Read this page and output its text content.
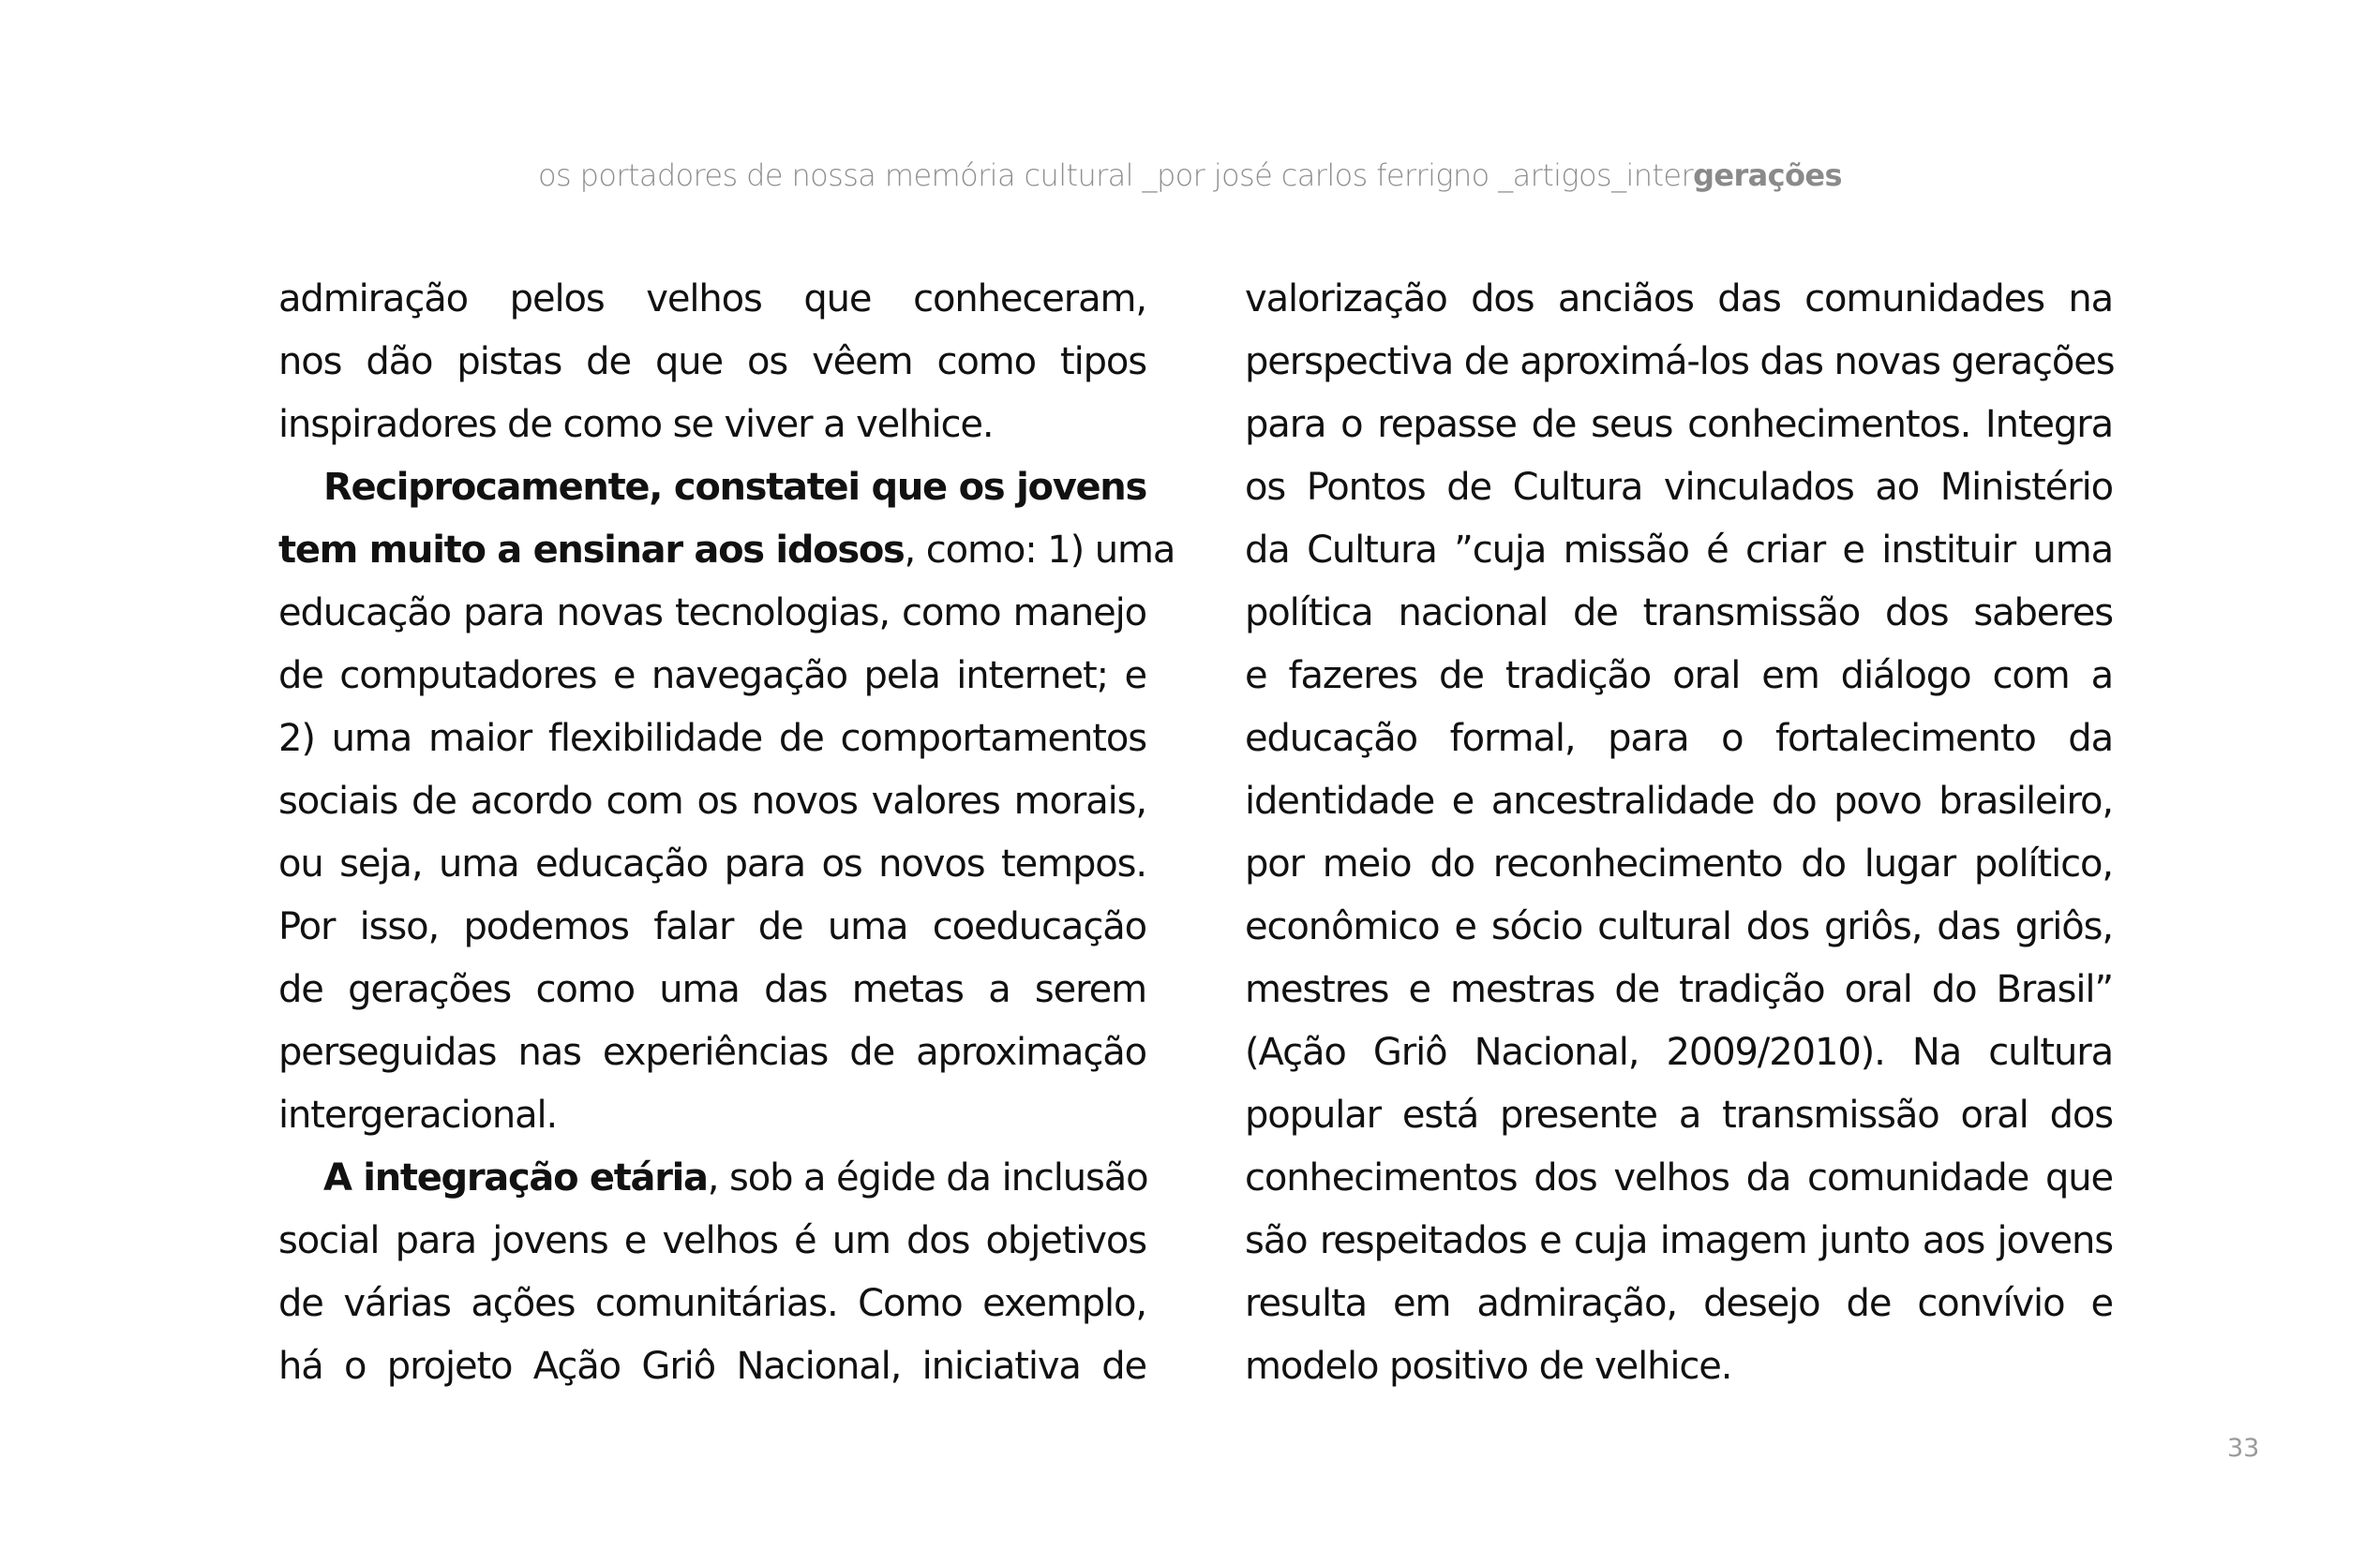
os portadores de nossa memória cultural _por josé carlos ferrigno _artigos_intergerações
admiração pelos velhos que conheceram,
nos dão pistas de que os vêem como tipos
inspiradores de como se viver a velhice.
Reciprocamente, constatei que os jovens
tem muito a ensinar aos idosos, como: 1) uma
educação para novas tecnologias, como manejo
de computadores e navegação pela internet; e
2) uma maior flexibilidade de comportamentos
sociais de acordo com os novos valores morais,
ou seja, uma educação para os novos tempos.
Por isso, podemos falar de uma coeducação
de gerações como uma das metas a serem
perseguidas nas experiências de aproximação
intergeracional.
A integração etária, sob a égide da inclusão
social para jovens e velhos é um dos objetivos
de várias ações comunitárias. Como exemplo,
há o projeto Ação Griô Nacional, iniciativa de
valorização dos anciãos das comunidades na
perspectiva de aproximá-los das novas gerações
para o repasse de seus conhecimentos. Integra
os Pontos de Cultura vinculados ao Ministério
da Cultura ”cuja missão é criar e instituir uma
política nacional de transmissão dos saberes
e fazeres de tradição oral em diálogo com a
educação formal, para o fortalecimento da
identidade e ancestralidade do povo brasileiro,
por meio do reconhecimento do lugar político,
econômico e sócio cultural dos griôs, das griôs,
mestres e mestras de tradição oral do Brasil”
(Ação Griô Nacional, 2009/2010). Na cultura
popular está presente a transmissão oral dos
conhecimentos dos velhos da comunidade que
são respeitados e cuja imagem junto aos jovens
resulta em admiração, desejo de convívio e
modelo positivo de velhice.
33
